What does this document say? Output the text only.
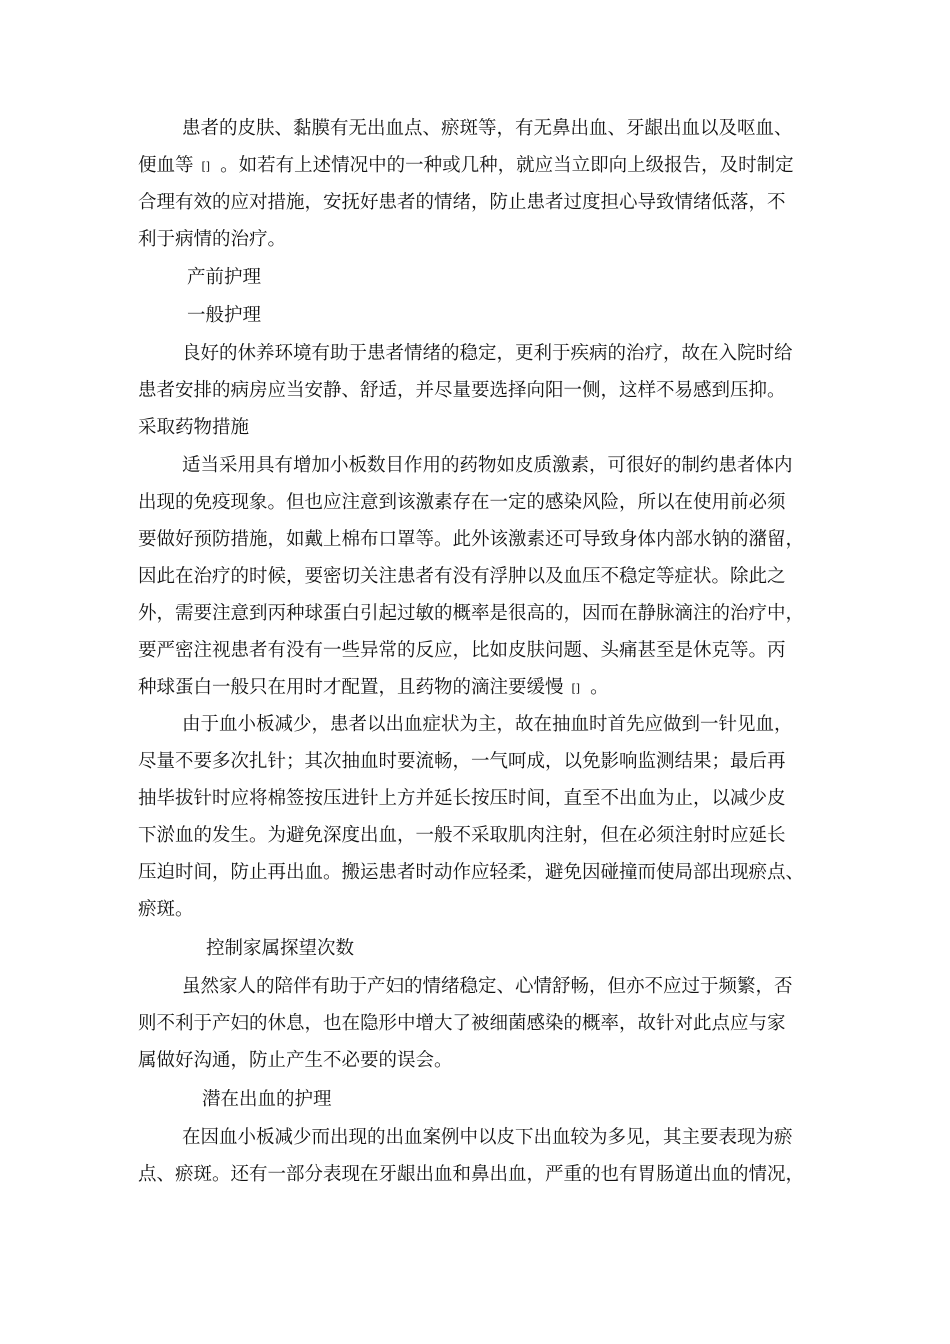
患者的皮肤、黏膜有无出血点、瘀斑等，有无鼻出血、牙龈出血以及呕血、
便血等 [] 。如若有上述情况中的一种或几种，就应当立即向上级报告，及时制定
合理有效的应对措施，安抚好患者的情绪，防止患者过度担心导致情绪低落，不
利于病情的治疗。
产前护理
一般护理
良好的休养环境有助于患者情绪的稳定，更利于疾病的治疗，故在入院时给
患者安排的病房应当安静、舒适，并尽量要选择向阳一侧，这样不易感到压抑。
采取药物措施
适当采用具有增加小板数目作用的药物如皮质激素，可很好的制约患者体内
出现的免疫现象。但也应注意到该激素存在一定的感染风险，所以在使用前必须
要做好预防措施，如戴上棉布口罩等。此外该激素还可导致身体内部水钠的潴留，
因此在治疗的时候，要密切关注患者有没有浮肿以及血压不稳定等症状。除此之
外，需要注意到丙种球蛋白引起过敏的概率是很高的，因而在静脉滴注的治疗中，
要严密注视患者有没有一些异常的反应，比如皮肤问题、头痛甚至是休克等。丙
种球蛋白一般只在用时才配置，且药物的滴注要缓慢 [] 。
由于血小板减少，患者以出血症状为主，故在抽血时首先应做到一针见血，
尽量不要多次扎针；其次抽血时要流畅，一气呵成，以免影响监测结果；最后再
抽毕拔针时应将棉签按压进针上方并延长按压时间，直至不出血为止，以减少皮
下淤血的发生。为避免深度出血，一般不采取肌肉注射，但在必须注射时应延长
压迫时间，防止再出血。搬运患者时动作应轻柔，避免因碰撞而使局部出现瘀点、
瘀斑。
控制家属探望次数
虽然家人的陪伴有助于产妇的情绪稳定、心情舒畅，但亦不应过于频繁，否
则不利于产妇的休息，也在隐形中增大了被细菌感染的概率，故针对此点应与家
属做好沟通，防止产生不必要的误会。
潜在出血的护理
在因血小板减少而出现的出血案例中以皮下出血较为多见，其主要表现为瘀
点、瘀斑。还有一部分表现在牙龈出血和鼻出血，严重的也有胃肠道出血的情况，
